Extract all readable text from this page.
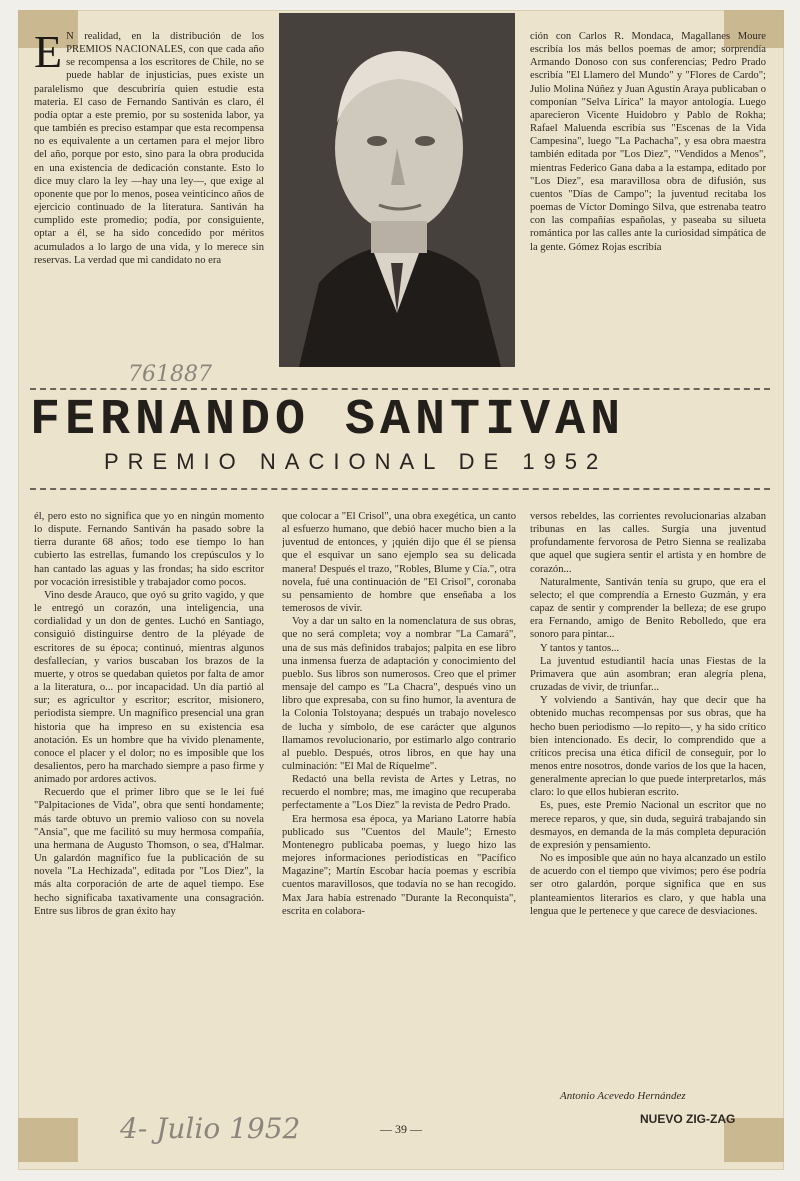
E N realidad, en la distribución de los PREMIOS NACIONALES, con que cada año se recompensa a los escritores de Chile, no se puede hablar de injusticias, pues existe un paralelismo que descubriría quien estudie esta materia. El caso de Fernando Santiván es claro, él podía optar a este premio, por su sostenida labor, ya que también es preciso estampar que esta recompensa no es equivalente a un certamen para el mejor libro del año, porque por esto, sino para la obra producida en una existencia de dedicación constante. Esto lo dice muy claro la ley —hay una ley—, que exige al oponente que por lo menos, posea veinticinco años de ejercicio continuado de la literatura. Santiván ha cumplido este promedio; podía, por consiguiente, optar a él, se ha sido concedido por méritos acumulados a lo largo de una vida, y lo merece sin reservas. La verdad que mi candidato no era

ción con Carlos R. Mondaca, Magallanes Moure escribía los más bellos poemas de amor; sorprendía Armando Donoso con sus conferencias; Pedro Prado escribía "El Llamero del Mundo" y "Flores de Cardo"; Julio Molina Núñez y Juan Agustín Araya publicaban o componían "Selva Lírica" la mayor antología. Luego aparecieron Vicente Huidobro y Pablo de Rokha; Rafael Maluenda escribía sus "Escenas de la Vida Campesina", luego "La Pachacha", y esa obra maestra también editada por "Los Diez", "Vendidos a Menos", mientras Federico Gana daba a la estampa, editado por "Los Diez", esa maravillosa obra de difusión, sus cuentos "Días de Campo"; la juventud recitaba los poemas de Víctor Domingo Silva, que estrenaba teatro con las compañías españolas, y paseaba su silueta romántica por las calles ante la curiosidad simpática de la gente. Gómez Rojas escribía

761887
FERNANDO SANTIVAN
PREMIO NACIONAL DE 1952

él, pero esto no significa que yo en ningún momento lo dispute. Fernando Santiván ha pasado sobre la tierra durante 68 años; todo ese tiempo lo han cubierto las estrellas, fumando los crepúsculos y lo han cantado las aguas y las frondas; ha sido escritor por vocación irresistible y trabajador como pocos.

Vino desde Arauco, que oyó su grito vagido, y que le entregó un corazón, una inteligencia, una cordialidad y un don de gentes. Luchó en Santiago, consiguió distinguirse dentro de la pléyade de escritores de su época; continuó, mientras algunos desfallecían, y varios buscaban los brazos de la muerte, y otros se quedaban quietos por falta de amor a la literatura, o... por incapacidad. Un día partió al sur; es agricultor y escritor; escritor, misionero, periodista siempre. Un magnífico presencial una gran historia que ha impreso en su existencia esa anotación. Es un hombre que ha vivido plenamente, conoce el placer y el dolor; no es imposible que los desalientos, pero ha marchado siempre a paso firme y animado por ardores activos.

Recuerdo que el primer libro que se le leí fué "Palpitaciones de Vida", obra que sentí hondamente; más tarde obtuvo un premio valioso con su novela "Ansia", que me facilitó su muy hermosa compañía, una hermana de Augusto Thomson, o sea, d'Halmar. Un galardón magnífico fue la publicación de su novela "La Hechizada", editada por "Los Diez", la más alta corporación de arte de aquel tiempo. Ese hecho significaba taxativamente una consagración. Entre sus libros de gran éxito hay

que colocar a "El Crisol", una obra exegética, un canto al esfuerzo humano, que debió hacer mucho bien a la juventud de entonces, y ¡quién dijo que él se piensa que el esquivar un sano ejemplo sea su delicada manera! Después el trazo, "Robles, Blume y Cía.", otra novela, fué una continuación de "El Crisol", coronaba su pensamiento de hombre que enseñaba a los temerosos de vivir.

Voy a dar un salto en la nomenclatura de sus obras, que no será completa; voy a nombrar "La Camará", una de sus más definidos trabajos; palpita en ese libro una inmensa fuerza de adaptación y conocimiento del pueblo. Sus libros son numerosos. Creo que el primer mensaje del campo es "La Chacra", después vino un libro que expresaba, con su fino humor, la aventura de la Colonia Tolstoyana; después un trabajo novelesco de lucha y símbolo, de ese carácter que algunos llamamos revolucionario, por estimarlo algo contrario al pueblo. Después, otros libros, en que hay una culminación: "El Mal de Ríquelme".

Redactó una bella revista de Artes y Letras, no recuerdo el nombre; mas, me imagino que recuperaba perfectamente a "Los Diez" la revista de Pedro Prado.

Era hermosa esa época, ya Mariano Latorre había publicado sus "Cuentos del Maule"; Ernesto Montenegro publicaba poemas, y luego hizo las mejores informaciones periodísticas en "Pacífico Magazine"; Martín Escobar hacía poemas y escribía cuentos maravillosos, que todavía no se han recogido. Max Jara había estrenado "Durante la Reconquista", escrita en colabora-

versos rebeldes, las corrientes revolucionarias alzaban tribunas en las calles. Surgía una juventud profundamente fervorosa de Petro Sienna se realizaba que aquel que sugiera sentir el artista y en hombre de corazón...

Naturalmente, Santiván tenía su grupo, que era el selecto; el que comprendía a Ernesto Guzmán, y era capaz de sentir y comprender la belleza; de ese grupo era Fernando, amigo de Benito Rebolledo, que era sonoro para pintar...

Y tantos y tantos...

La juventud estudiantil hacía unas Fiestas de la Primavera que aún asombran; eran alegría plena, cruzadas de vivir, de triunfar...

Y volviendo a Santiván, hay que decir que ha obtenido muchas recompensas por sus obras, que ha hecho buen periodismo —lo repito—, y ha sido crítico bien intencionado. Es decir, lo comprendido que a críticos precisa una ética difícil de conseguir, por lo menos entre nosotros, donde varios de los que la hacen, generalmente aprecian lo que puede interpretarlos, más claro: lo que ellos hubieran escrito.

Es, pues, este Premio Nacional un escritor que no merece reparos, y que, sin duda, seguirá trabajando sin desmayos, en demanda de la más completa depuración de expresión y pensamiento.

No es imposible que aún no haya alcanzado un estilo de acuerdo con el tiempo que vivimos; pero ése podría ser otro galardón, porque significa que en sus planteamientos literarios es claro, y que habla una lengua que le pertenece y que carece de desviaciones.

Antonio Acevedo Hernández
4- Julio 1952	— 39 —
NUEVO ZIG-ZAG
